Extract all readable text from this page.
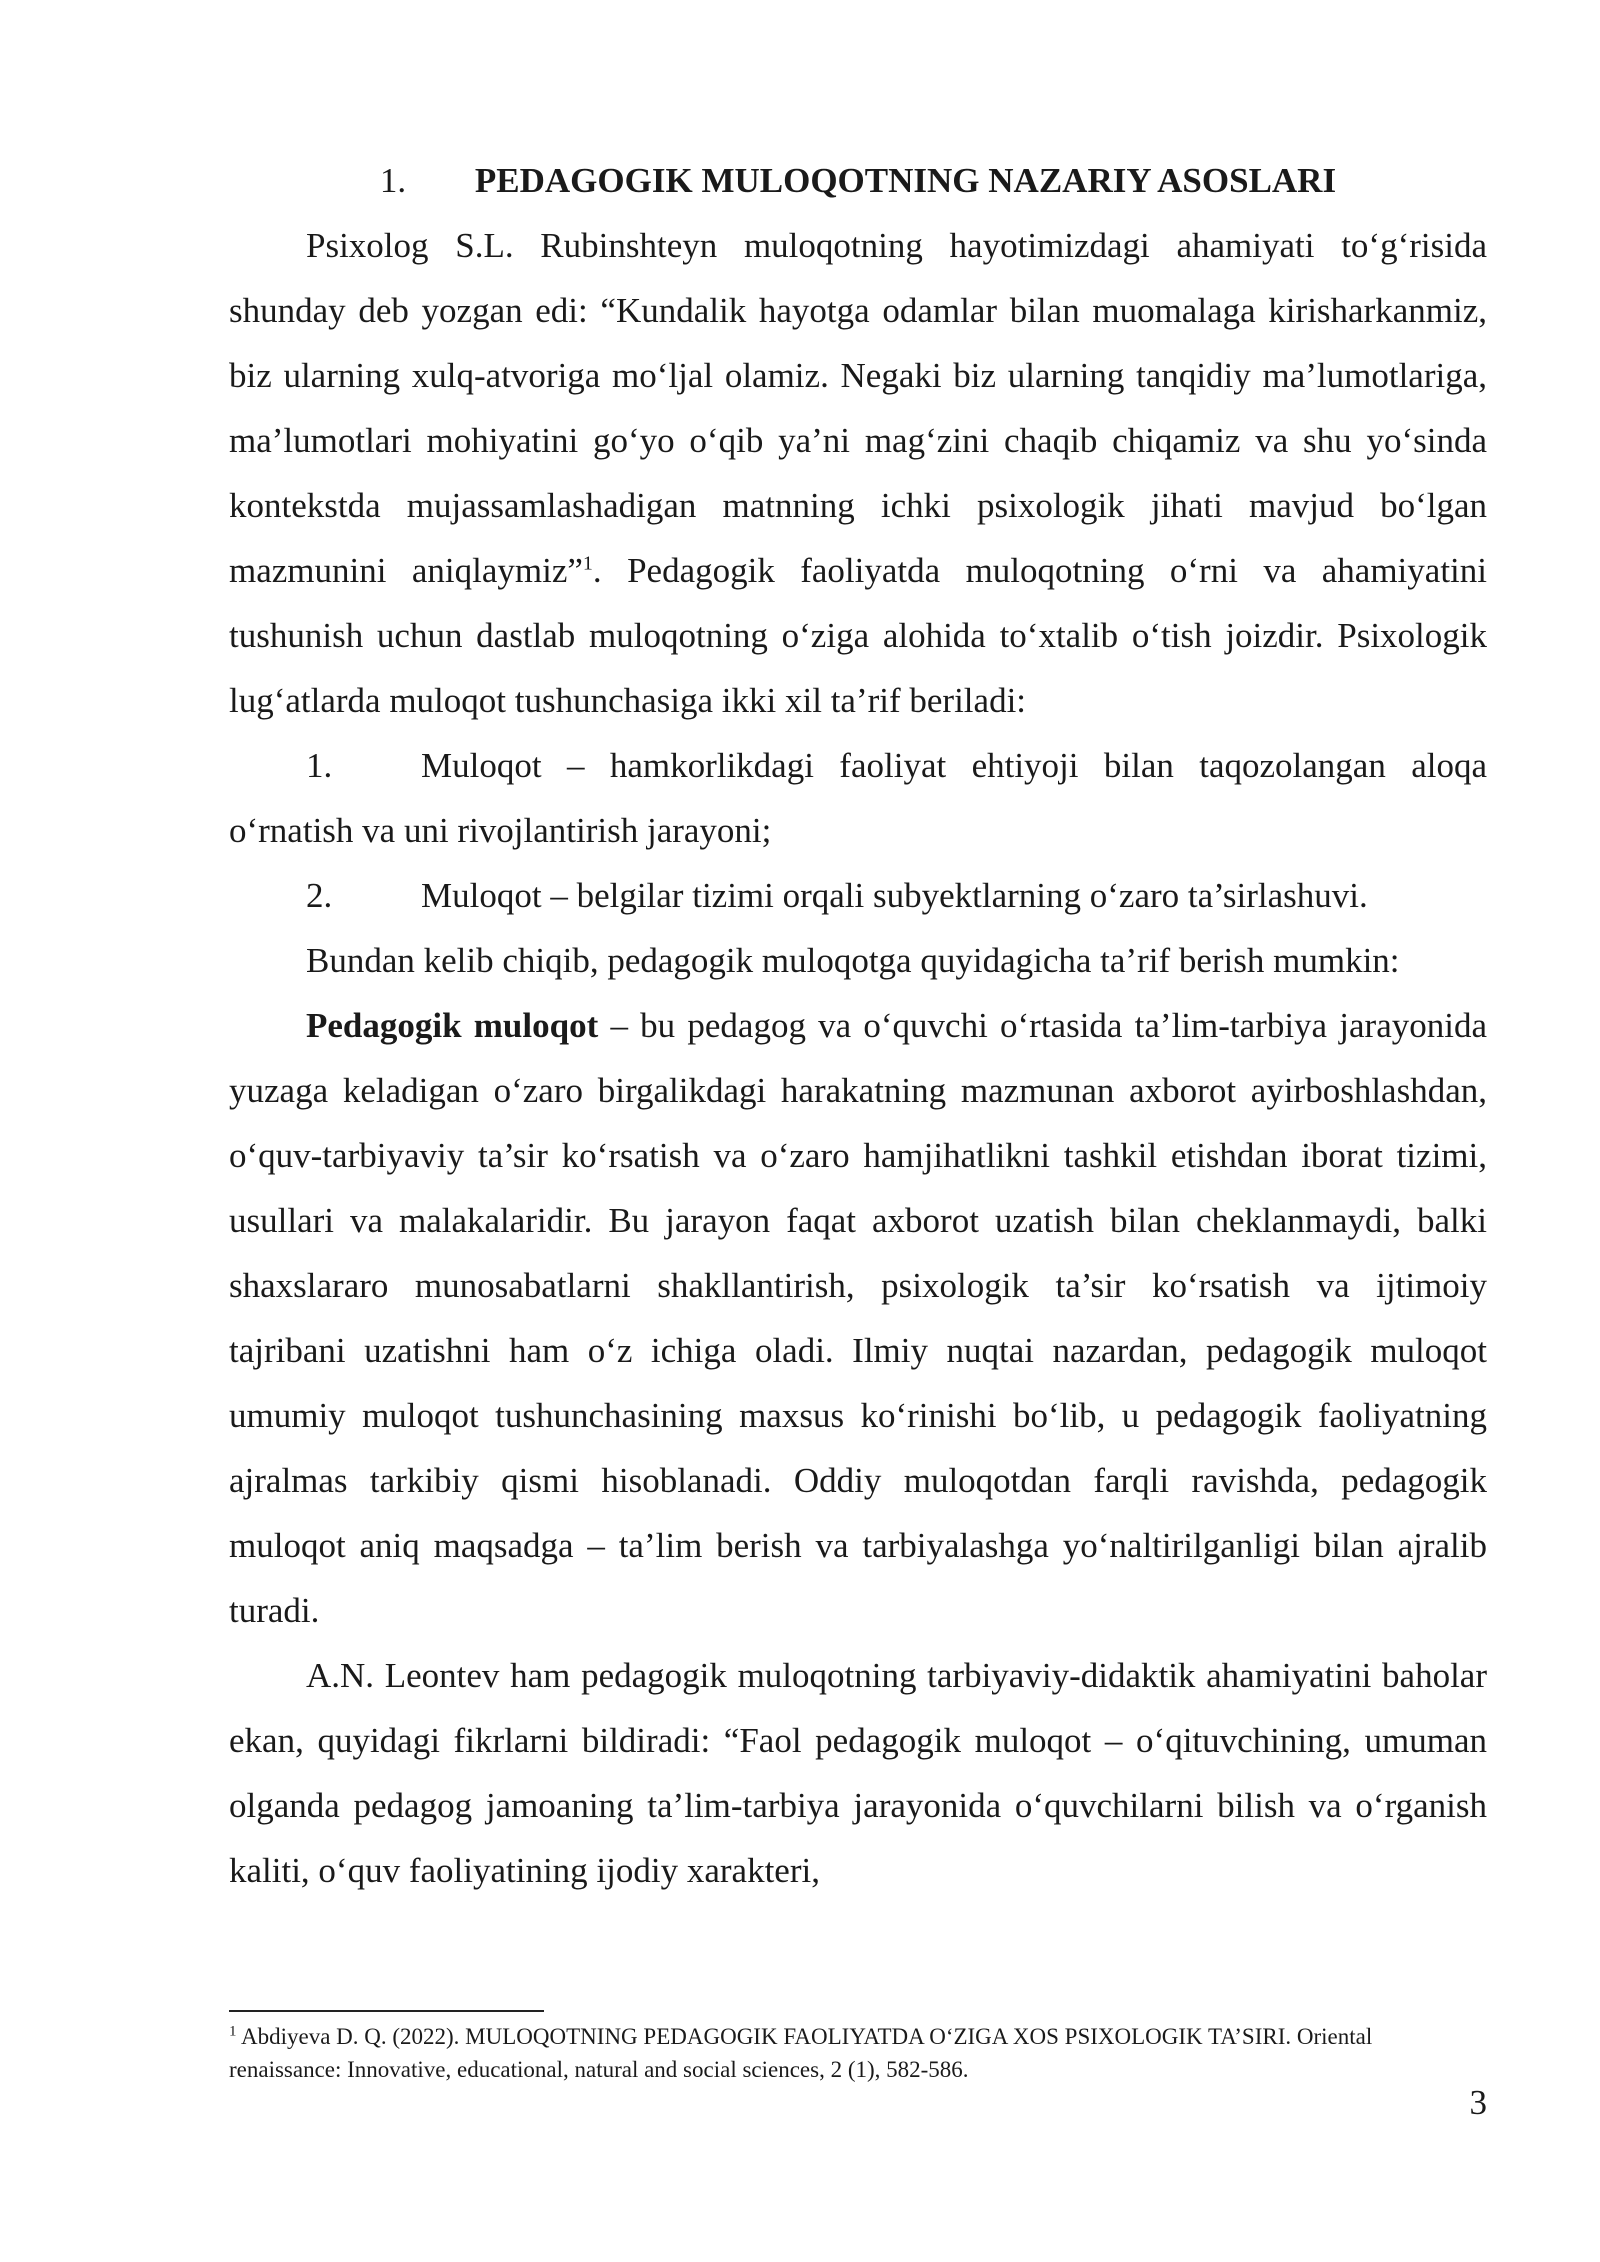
1. PEDAGOGIK MULOQOTNING NAZARIY ASOSLARI

Psixolog S.L. Rubinshteyn muloqotning hayotimizdagi ahamiyati to‘g‘risida shunday deb yozgan edi: “Kundalik hayotga odamlar bilan muomalaga kirisharkanmiz, biz ularning xulq-atvoriga mo‘ljal olamiz. Negaki biz ularning tanqidiy ma’lumotlariga, ma’lumotlari mohiyatini go‘yo o‘qib ya’ni mag‘zini chaqib chiqamiz va shu yo‘sinda kontekstda mujassamlashadigan matnning ichki psixologik jihati mavjud bo‘lgan mazmunini aniqlaymiz”$^1$. Pedagogik faoliyatda muloqotning o‘rni va ahamiyatini tushunish uchun dastlab muloqotning o‘ziga alohida to‘xtalib o‘tish joizdir. Psixologik lug‘atlarda muloqot tushunchasiga ikki xil ta’rif beriladi:

1.	Muloqot – hamkorlikdagi faoliyat ehtiyoji bilan taqozolangan aloqa o‘rnatish va uni rivojlantirish jarayoni;
2.	Muloqot – belgilar tizimi orqali subyektlarning o‘zaro ta’sirlashuvi.

Bundan kelib chiqib, pedagogik muloqotga quyidagicha ta’rif berish mumkin:

Pedagogik muloqot – bu pedagog va o‘quvchi o‘rtasida ta’lim-tarbiya jarayonida yuzaga keladigan o‘zaro birgalikdagi harakatning mazmunan axborot ayirboshlashdan, o‘quv-tarbiyaviy ta’sir ko‘rsatish va o‘zaro hamjihatlikni tashkil etishdan iborat tizimi, usullari va malakalaridir. Bu jarayon faqat axborot uzatish bilan cheklanmaydi, balki shaxslararo munosabatlarni shakllantirish, psixologik ta’sir ko‘rsatish va ijtimoiy tajribani uzatishni ham o‘z ichiga oladi. Ilmiy nuqtai nazardan, pedagogik muloqot umumiy muloqot tushunchasining maxsus ko‘rinishi bo‘lib, u pedagogik faoliyatning ajralmas tarkibiy qismi hisoblanadi. Oddiy muloqotdan farqli ravishda, pedagogik muloqot aniq maqsadga – ta’lim berish va tarbiyalashga yo‘naltirilganligi bilan ajralib turadi.

A.N. Leontev ham pedagogik muloqotning tarbiyaviy-didaktik ahamiyatini baholar ekan, quyidagi fikrlarni bildiradi: “Faol pedagogik muloqot – o‘qituvchining, umuman olganda pedagog jamoaning ta’lim-tarbiya jarayonida o‘quvchilarni bilish va o‘rganish kaliti, o‘quv faoliyatining ijodiy xarakteri,

$^1$ Abdiyeva D. Q. (2022). MULOQOTNING PEDAGOGIK FAOLIYATDA O‘ZIGA XOS PSIXOLOGIK TA’SIRI. Oriental renaissance: Innovative, educational, natural and social sciences, 2 (1), 582-586.
3
